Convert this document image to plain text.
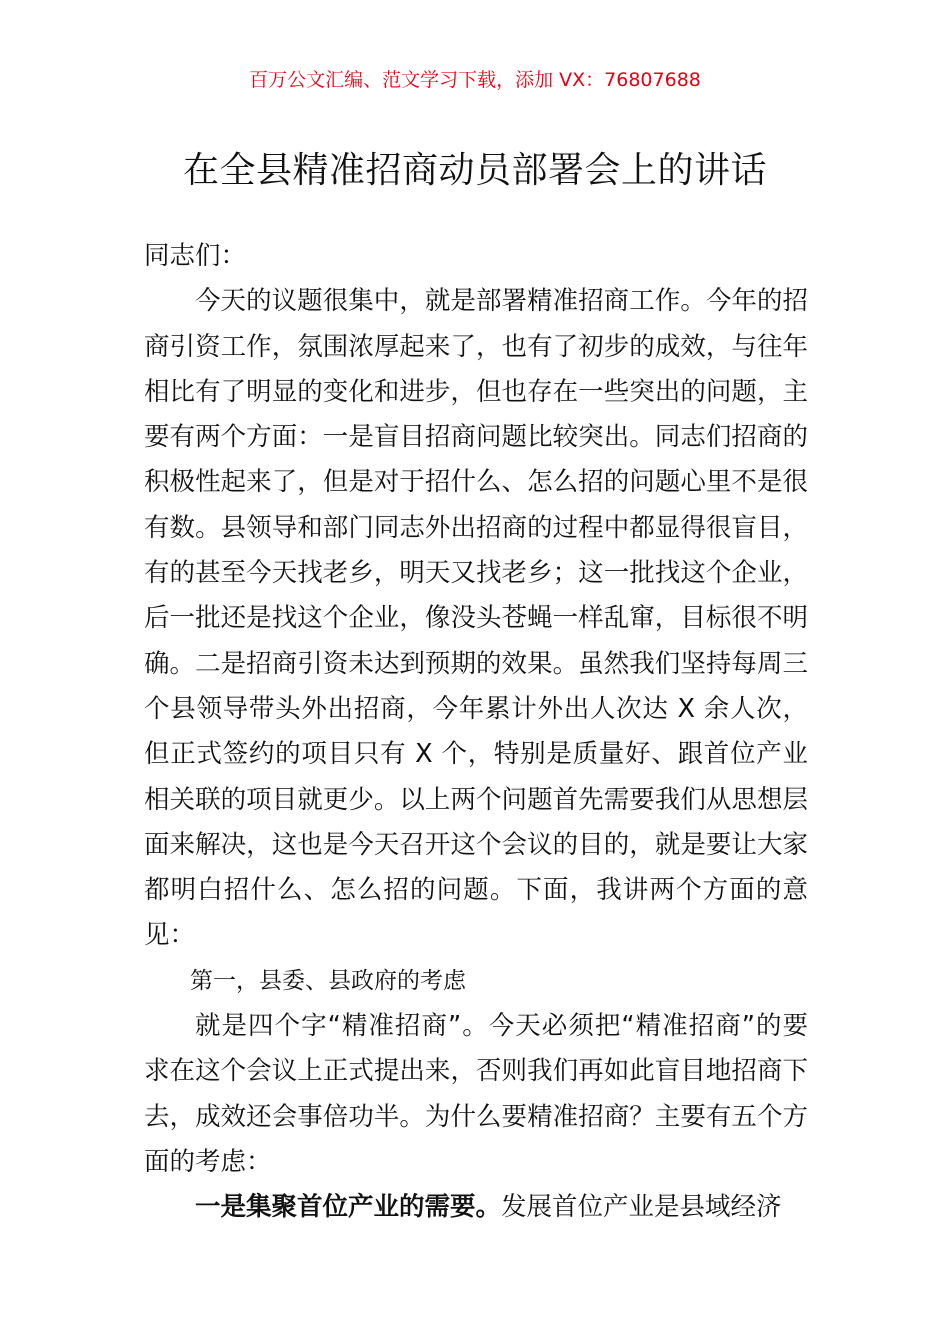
百万公文汇编、范文学习下载，添加 VX：76807688
在全县精准招商动员部署会上的讲话

同志们：

今天的议题很集中，就是部署精准招商工作。今年的招商引资工作，氛围浓厚起来了，也有了初步的成效，与往年相比有了明显的变化和进步，但也存在一些突出的问题，主要有两个方面：一是盲目招商问题比较突出。同志们招商的积极性起来了，但是对于招什么、怎么招的问题心里不是很有数。县领导和部门同志外出招商的过程中都显得很盲目，有的甚至今天找老乡，明天又找老乡；这一批找这个企业，后一批还是找这个企业，像没头苍蝇一样乱窜，目标很不明确。二是招商引资未达到预期的效果。虽然我们坚持每周三个县领导带头外出招商，今年累计外出人次达 X 余人次，但正式签约的项目只有 X 个，特别是质量好、跟首位产业相关联的项目就更少。以上两个问题首先需要我们从思想层面来解决，这也是今天召开这个会议的目的，就是要让大家都明白招什么、怎么招的问题。下面，我讲两个方面的意见：

第一，县委、县政府的考虑

就是四个字“精准招商”。今天必须把“精准招商”的要求在这个会议上正式提出来，否则我们再如此盲目地招商下去，成效还会事倍功半。为什么要精准招商？主要有五个方面的考虑：

一是集聚首位产业的需要。发展首位产业是县域经济
